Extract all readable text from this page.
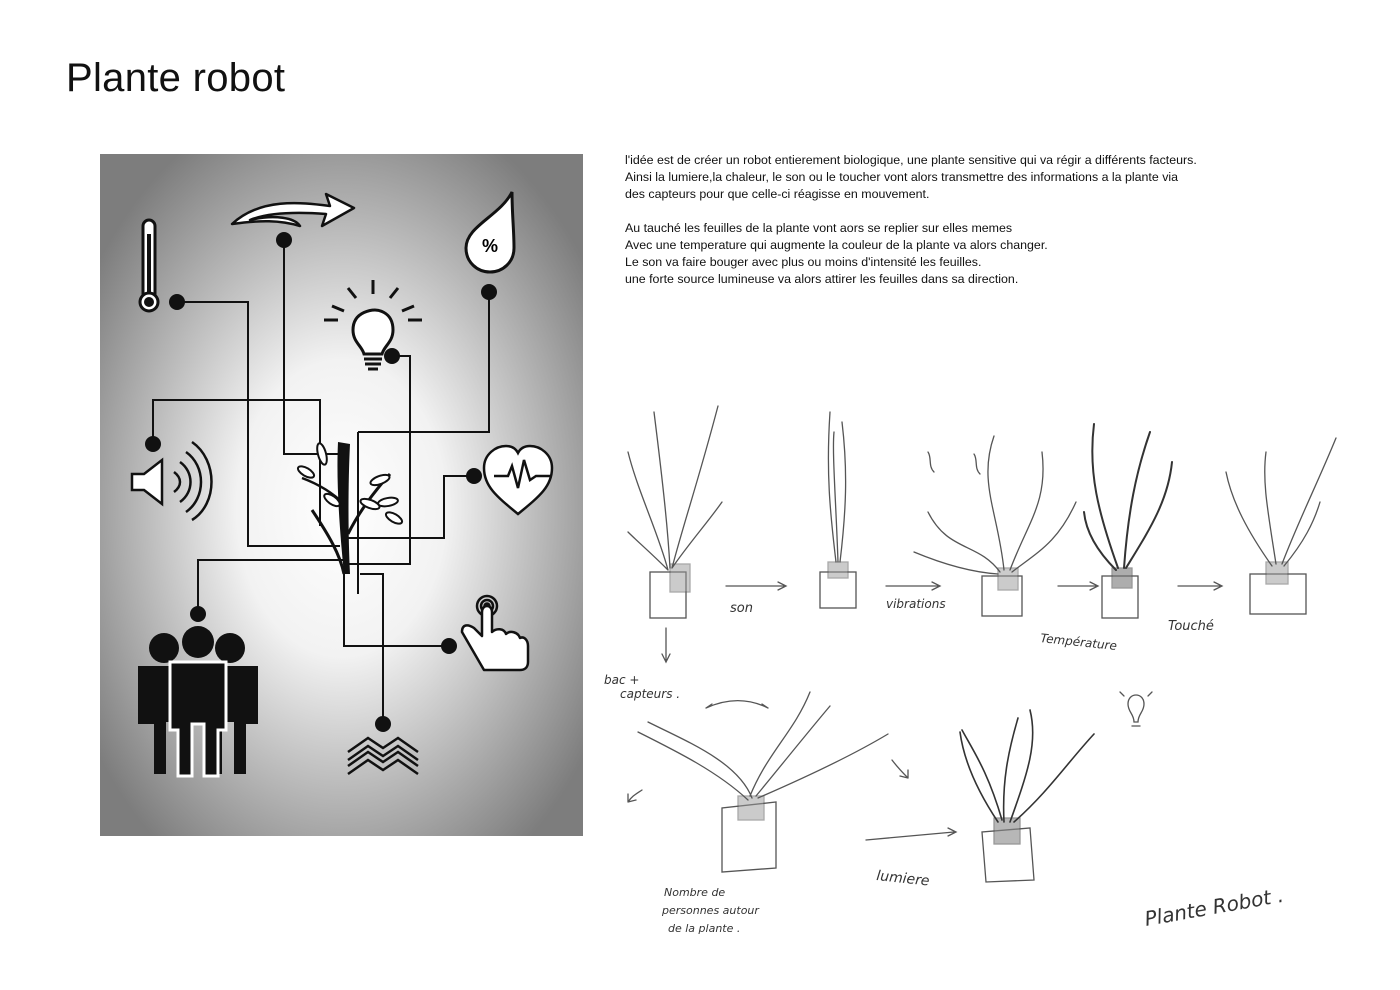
Plante robot
%

l'idée est de créer un robot entierement biologique, une plante sensitive qui va régir a différents facteurs.

Ainsi la lumiere,la chaleur, le son ou le toucher vont alors transmettre des informations a la plante via

des capteurs pour que celle-ci réagisse en mouvement.

Au tauché les feuilles de la plante vont aors se replier sur elles memes

Avec une temperature qui augmente la couleur de la plante va alors changer.

Le son va faire bouger avec plus ou moins d'intensité les feuilles.

une forte source lumineuse va alors attirer les feuilles dans sa direction.

son	vibrations
Température
Touché
bac +
capteurs .
lumiere
Nombre de
personnes autour
de la plante .	Plante Robot .
